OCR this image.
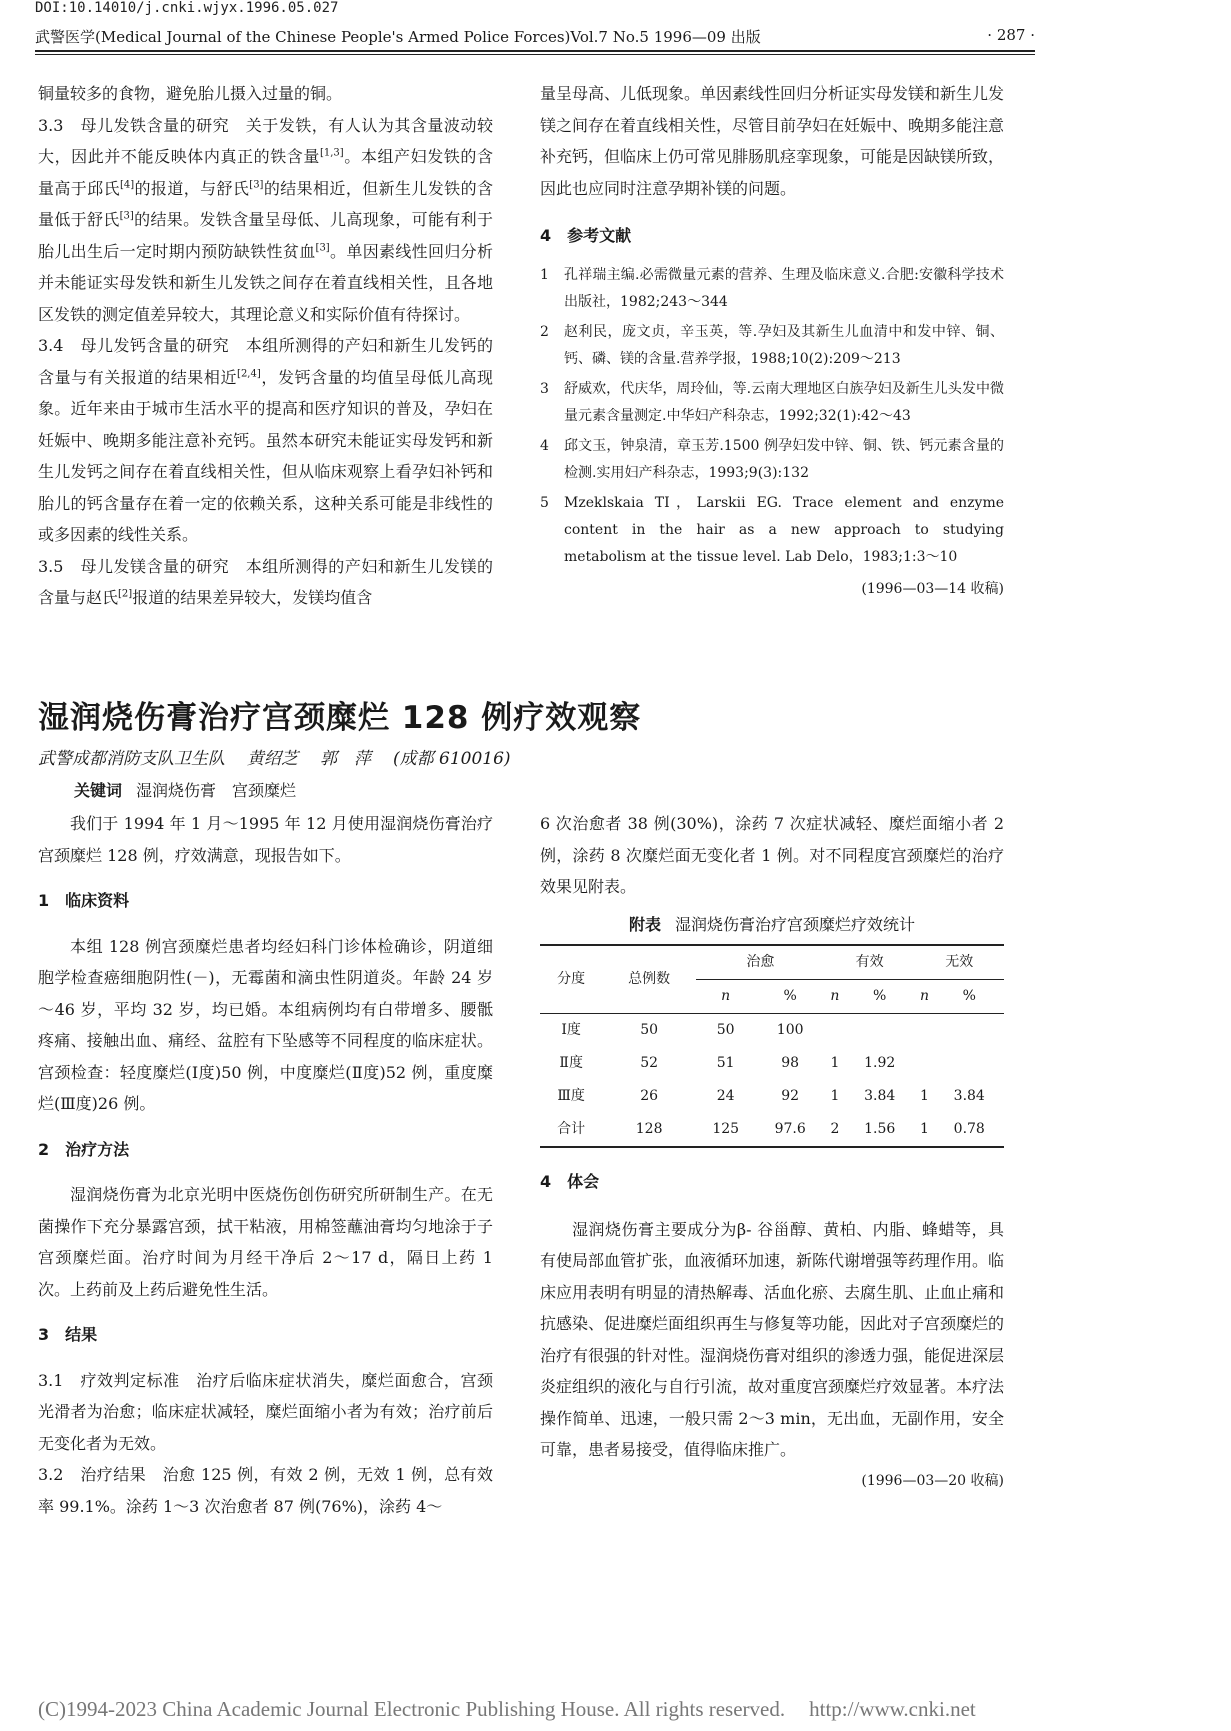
DOI:10.14010/j.cnki.wjyx.1996.05.027
武警医学(Medical Journal of the Chinese People's Armed Police Forces)Vol.7 No.5 1996—09 出版	· 287 ·

铜量较多的食物，避免胎儿摄入过量的铜。

3.3　 母儿发铁含量的研究　 关于发铁，有人认为其含量波动较大，因此并不能反映体内真正的铁含量[1,3]。本组产妇发铁的含量高于邱氏[4]的报道，与舒氏[3]的结果相近，但新生儿发铁的含量低于舒氏[3]的结果。发铁含量呈母低、儿高现象，可能有利于胎儿出生后一定时期内预防缺铁性贫血[3]。单因素线性回归分析并未能证实母发铁和新生儿发铁之间存在着直线相关性，且各地区发铁的测定值差异较大，其理论意义和实际价值有待探讨。

3.4　 母儿发钙含量的研究　 本组所测得的产妇和新生儿发钙的含量与有关报道的结果相近[2,4]，发钙含量的均值呈母低儿高现象。近年来由于城市生活水平的提高和医疗知识的普及，孕妇在妊娠中、晚期多能注意补充钙。虽然本研究未能证实母发钙和新生儿发钙之间存在着直线相关性，但从临床观察上看孕妇补钙和胎儿的钙含量存在着一定的依赖关系，这种关系可能是非线性的或多因素的线性关系。

3.5　 母儿发镁含量的研究　 本组所测得的产妇和新生儿发镁的含量与赵氏[2]报道的结果差异较大，发镁均值含

量呈母高、儿低现象。单因素线性回归分析证实母发镁和新生儿发镁之间存在着直线相关性，尽管目前孕妇在妊娠中、晚期多能注意补充钙，但临床上仍可常见腓肠肌痉挛现象，可能是因缺镁所致，因此也应同时注意孕期补镁的问题。

4　 参考文献

1 孔祥瑞主编.必需微量元素的营养、生理及临床意义.合肥:安徽科学技术出版社，1982;243～344
2 赵利民，庞文贞，辛玉英，等.孕妇及其新生儿血清中和发中锌、铜、钙、磷、镁的含量.营养学报，1988;10(2):209～213
3 舒威欢，代庆华，周玲仙，等.云南大理地区白族孕妇及新生儿头发中微量元素含量测定.中华妇产科杂志，1992;32(1):42～43
4 邱文玉，钟泉清，章玉芳.1500 例孕妇发中锌、铜、铁、钙元素含量的检测.实用妇产科杂志，1993;9(3):132
5 Mzeklskaia TI，Larskii EG. Trace element and enzyme content in the hair as a new approach to studying metabolism at the tissue level. Lab Delo，1983;1:3～10
(1996—03—14 收稿)
湿润烧伤膏治疗宫颈糜烂 128 例疗效观察
武警成都消防支队卫生队 黄绍芝 郭　萍 (成都 610016)
关键词 湿润烧伤膏　宫颈糜烂

我们于 1994 年 1 月～1995 年 12 月使用湿润烧伤膏治疗宫颈糜烂 128 例，疗效满意，现报告如下。

1　 临床资料

本组 128 例宫颈糜烂患者均经妇科门诊体检确诊，阴道细胞学检查癌细胞阴性(－)，无霉菌和滴虫性阴道炎。年龄 24 岁～46 岁，平均 32 岁，均已婚。本组病例均有白带增多、腰骶疼痛、接触出血、痛经、盆腔有下坠感等不同程度的临床症状。宫颈检查：轻度糜烂(Ⅰ度)50 例，中度糜烂(Ⅱ度)52 例，重度糜烂(Ⅲ度)26 例。

2　 治疗方法

湿润烧伤膏为北京光明中医烧伤创伤研究所研制生产。在无菌操作下充分暴露宫颈，拭干粘液，用棉签蘸油膏均匀地涂于子宫颈糜烂面。治疗时间为月经干净后 2～17 d，隔日上药 1 次。上药前及上药后避免性生活。

3　 结果

3.1　 疗效判定标准　 治疗后临床症状消失，糜烂面愈合，宫颈光滑者为治愈；临床症状减轻，糜烂面缩小者为有效；治疗前后无变化者为无效。

3.2　 治疗结果　 治愈 125 例，有效 2 例，无效 1 例，总有效率 99.1%。涂药 1～3 次治愈者 87 例(76%)，涂药 4～

6 次治愈者 38 例(30%)，涂药 7 次症状减轻、糜烂面缩小者 2 例，涂药 8 次糜烂面无变化者 1 例。对不同程度宫颈糜烂的治疗效果见附表。

附表 湿润烧伤膏治疗宫颈糜烂疗效统计
分度	总例数	治愈		有效		无效	
		n	%	n	%	n	%
Ⅰ度	50	50	100				
Ⅱ度	52	51	98	1	1.92		
Ⅲ度	26	24	92	1	3.84	1	3.84
合计	128	125	97.6	2	1.56	1	0.78

4　 体会

湿润烧伤膏主要成分为β- 谷甾醇、黄柏、内脂、蜂蜡等，具有使局部血管扩张，血液循环加速，新陈代谢增强等药理作用。临床应用表明有明显的清热解毒、活血化瘀、去腐生肌、止血止痛和抗感染、促进糜烂面组织再生与修复等功能，因此对子宫颈糜烂的治疗有很强的针对性。湿润烧伤膏对组织的渗透力强，能促进深层炎症组织的液化与自行引流，故对重度宫颈糜烂疗效显著。本疗法操作简单、迅速，一般只需 2～3 min，无出血，无副作用，安全可靠，患者易接受，值得临床推广。

(1996—03—20 收稿)
(C)1994-2023 China Academic Journal Electronic Publishing House. All rights reserved. http://www.cnki.net
